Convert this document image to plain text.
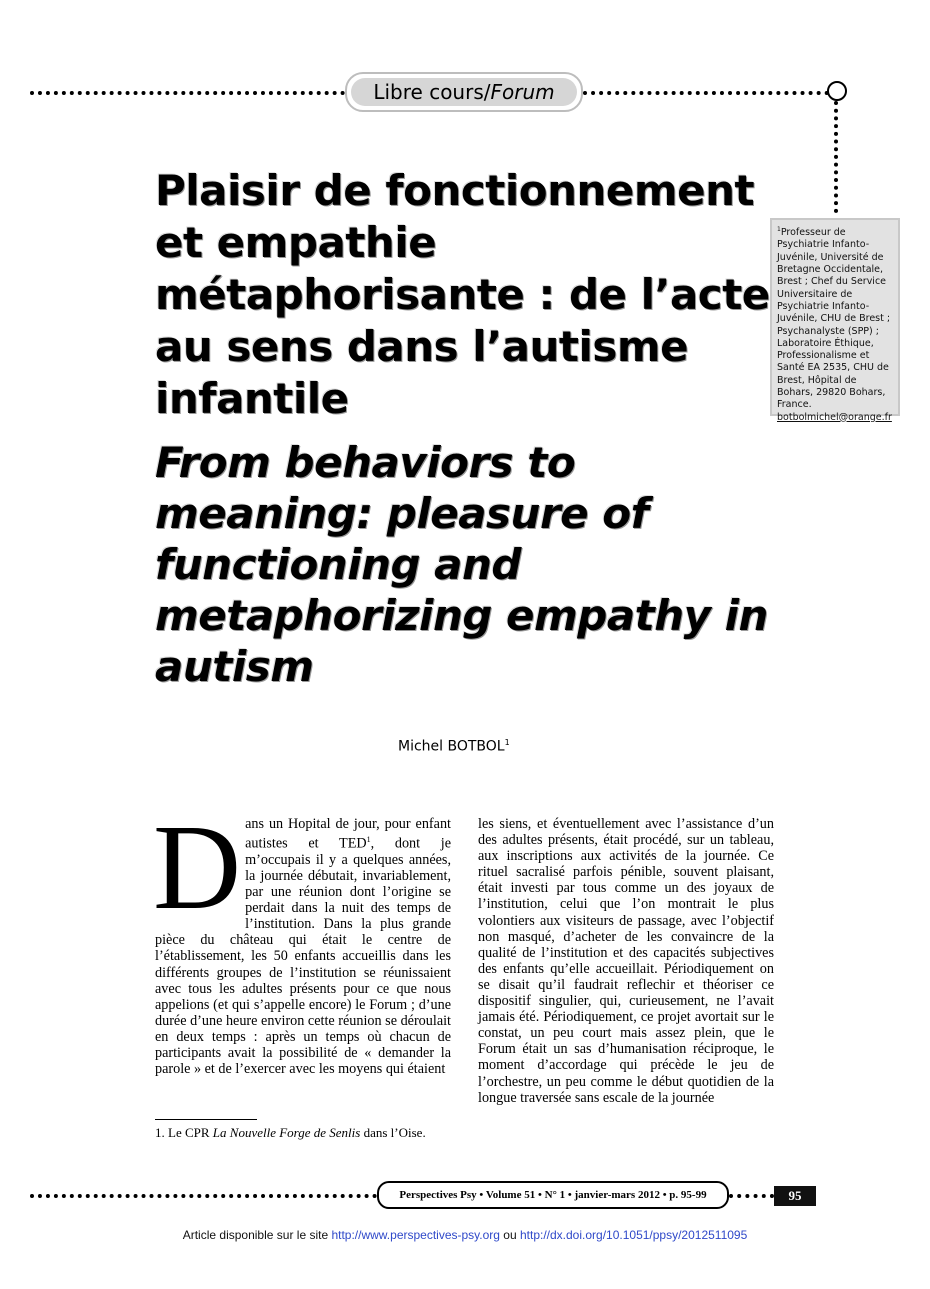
Libre cours/Forum
Plaisir de fonctionnement et empathie métaphorisante : de l’acte au sens dans l’autisme infantile
From behaviors to meaning: pleasure of functioning and metaphorizing empathy in autism
$^1$Professeur de Psychiatrie Infanto-Juvénile, Université de Bretagne Occidentale, Brest ; Chef du Service Universitaire de Psychiatrie Infanto-Juvénile, CHU de Brest ; Psychanalyste (SPP) ; Laboratoire Éthique, Professionalisme et Santé EA 2535, CHU de Brest, Hôpital de Bohars, 29820 Bohars, France.
botbolmichel@orange.fr
Michel BOTBOL$^1$

Dans un Hopital de jour, pour enfant autistes et TED$^1$, dont je m’occupais il y a quelques années, la journée débutait, invariablement, par une réunion dont l’origine se perdait dans la nuit des temps de l’institution. Dans la plus grande pièce du château qui était le centre de l’établissement, les 50 enfants accueillis dans les différents groupes de l’institution se réunissaient avec tous les adultes présents pour ce que nous appelions (et qui s’appelle encore) le Forum ; d’une durée d’une heure environ cette réunion se déroulait en deux temps : après un temps où chacun de participants avait la possibilité de « demander la parole » et de l’exercer avec les moyens qui étaient

les siens, et éventuellement avec l’assistance d’un des adultes présents, était procédé, sur un tableau, aux inscriptions aux activités de la journée. Ce rituel sacralisé parfois pénible, souvent plaisant, était investi par tous comme un des joyaux de l’institution, celui que l’on montrait le plus volontiers aux visiteurs de passage, avec l’objectif non masqué, d’acheter de les convaincre de la qualité de l’institution et des capacités subjectives des enfants qu’elle accueillait. Périodiquement on se disait qu’il faudrait reflechir et théoriser ce dispositif singulier, qui, curieusement, ne l’avait jamais été. Périodiquement, ce projet avortait sur le constat, un peu court mais assez plein, que le Forum était un sas d’humanisation réciproque, le moment d’accordage qui précède le jeu de l’orchestre, un peu comme le début quotidien de la longue traversée sans escale de la journée

1. Le CPR La Nouvelle Forge de Senlis dans l’Oise.
Perspectives Psy • Volume 51 • N° 1 • janvier-mars 2012 • p. 95-99	95
Article disponible sur le site http://www.perspectives-psy.org ou http://dx.doi.org/10.1051/ppsy/2012511095
